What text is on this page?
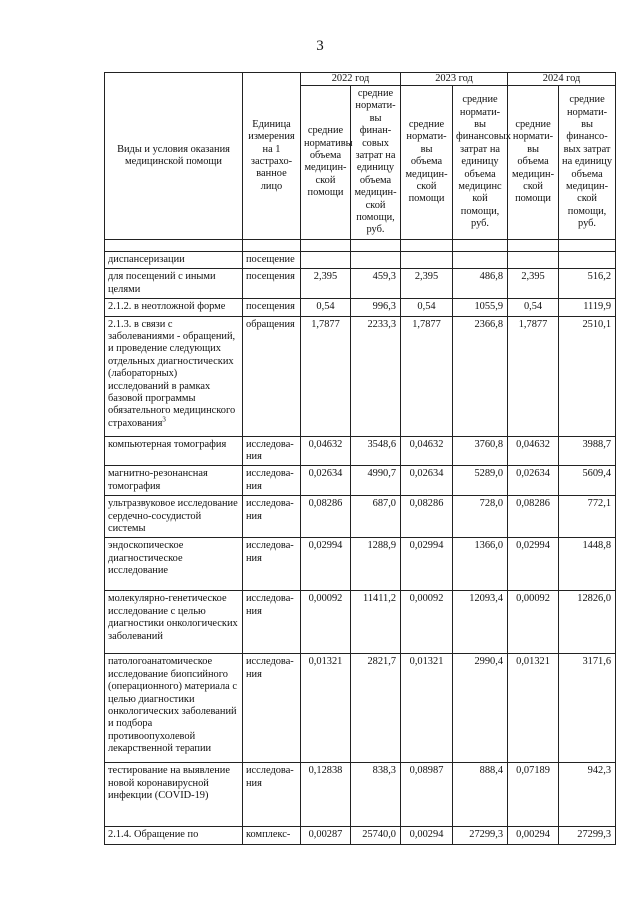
3
Виды и условия оказания медицинской помощи	Единица измерения на 1 застрахо-ванное лицо	2022 год		2023 год		2024 год	
		средние нормативы объема медицин-ской помощи	средние нормати-вы финан-совых затрат на единицу объема медицин-ской помощи, руб.	средние нормати-вы объема медицин-ской помощи	средние нормати-вы финансовых затрат на единицу объема медицинс кой помощи, руб.	средние нормати-вы объема медицин-ской помощи	средние нормати-вы финансо-вых затрат на единицу объема медицин-ской помощи, руб.

диспансеризации	посещение						
для посещений с иными целями	посещения	2,395	459,3	2,395	486,8	2,395	516,2
2.1.2. в неотложной форме	посещения	0,54	996,3	0,54	1055,9	0,54	1119,9
2.1.3. в связи с заболеваниями - обращений, и проведение следующих отдельных диагностических (лабораторных) исследований в рамках базовой программы обязательного медицинского страхования$^3$	обращения	1,7877	2233,3	1,7877	2366,8	1,7877	2510,1
компьютерная томография	исследова-ния	0,04632	3548,6	0,04632	3760,8	0,04632	3988,7
магнитно-резонансная томография	исследова-ния	0,02634	4990,7	0,02634	5289,0	0,02634	5609,4
ультразвуковое исследование сердечно-сосудистой системы	исследова-ния	0,08286	687,0	0,08286	728,0	0,08286	772,1
эндоскопическое диагностическое исследование	исследова-ния	0,02994	1288,9	0,02994	1366,0	0,02994	1448,8
молекулярно-генетическое исследование с целью диагностики онкологических заболеваний	исследова-ния	0,00092	11411,2	0,00092	12093,4	0,00092	12826,0
патологоанатомическое исследование биопсийного (операционного) материала с целью диагностики онкологических заболеваний и подбора противоопухолевой лекарственной терапии	исследова-ния	0,01321	2821,7	0,01321	2990,4	0,01321	3171,6
тестирование на выявление новой коронавирусной инфекции (COVID-19)	исследова-ния	0,12838	838,3	0,08987	888,4	0,07189	942,3
2.1.4. Обращение по	комплекс-	0,00287	25740,0	0,00294	27299,3	0,00294	27299,3
